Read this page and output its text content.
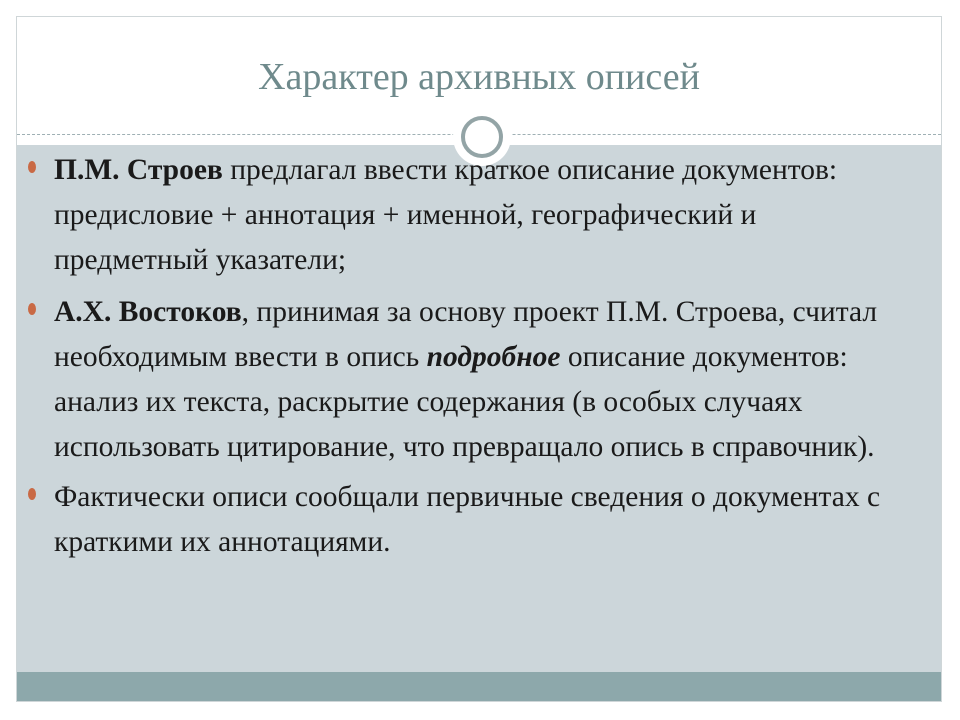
Характер архивных описей
П.М. Строев предлагал ввести краткое описание документов: предисловие + аннотация + именной, географический и предметный указатели;
А.Х. Востоков, принимая за основу проект П.М. Строева, считал необходимым ввести в опись подробное описание документов: анализ их текста, раскрытие содержания (в особых случаях использовать цитирование, что превращало опись в справочник).
Фактически описи сообщали первичные сведения о документах с краткими их аннотациями.
